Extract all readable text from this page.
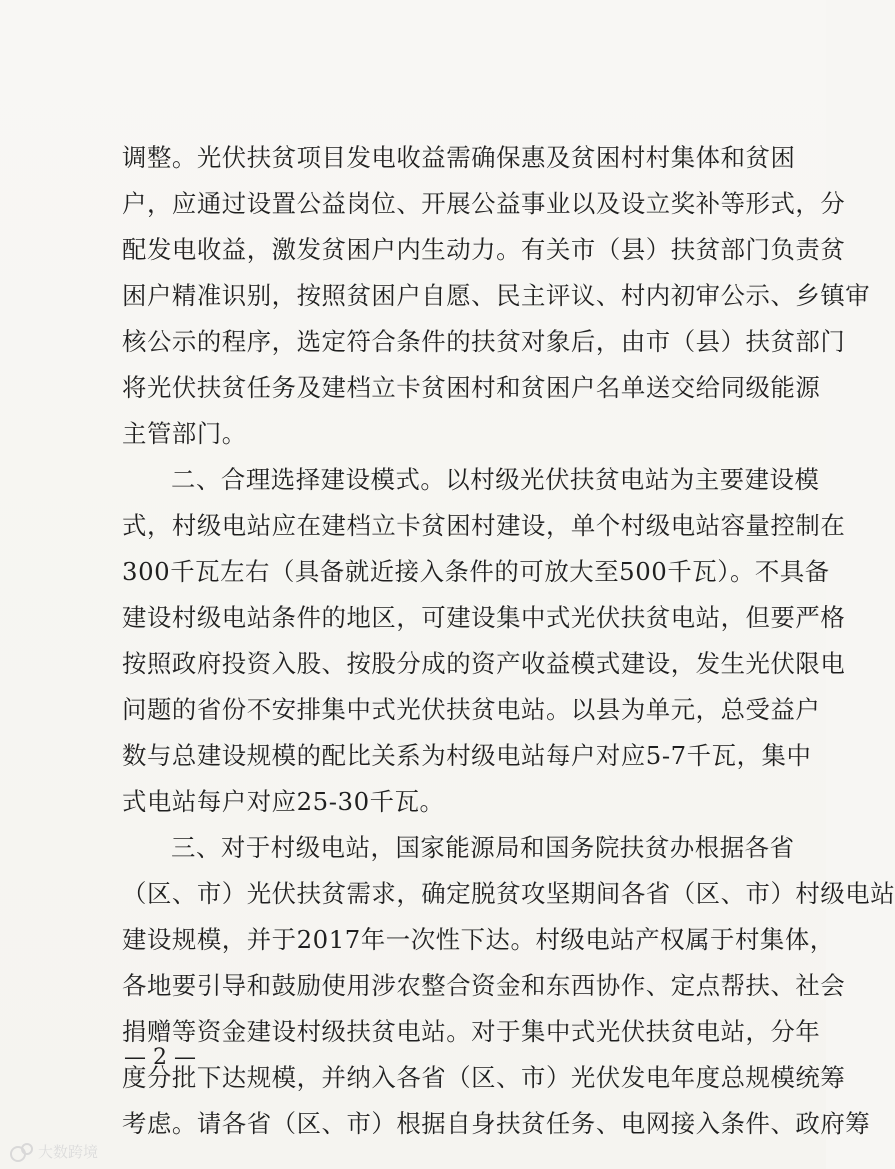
调整。光伏扶贫项目发电收益需确保惠及贫困村村集体和贫困
户，应通过设置公益岗位、开展公益事业以及设立奖补等形式，分
配发电收益，激发贫困户内生动力。有关市（县）扶贫部门负责贫
困户精准识别，按照贫困户自愿、民主评议、村内初审公示、乡镇审
核公示的程序，选定符合条件的扶贫对象后，由市（县）扶贫部门
将光伏扶贫任务及建档立卡贫困村和贫困户名单送交给同级能源
主管部门。
二、合理选择建设模式。以村级光伏扶贫电站为主要建设模
式，村级电站应在建档立卡贫困村建设，单个村级电站容量控制在
300千瓦左右（具备就近接入条件的可放大至500千瓦）。不具备
建设村级电站条件的地区，可建设集中式光伏扶贫电站，但要严格
按照政府投资入股、按股分成的资产收益模式建设，发生光伏限电
问题的省份不安排集中式光伏扶贫电站。以县为单元，总受益户
数与总建设规模的配比关系为村级电站每户对应5-7千瓦，集中
式电站每户对应25-30千瓦。
三、对于村级电站，国家能源局和国务院扶贫办根据各省
（区、市）光伏扶贫需求，确定脱贫攻坚期间各省（区、市）村级电站
建设规模，并于2017年一次性下达。村级电站产权属于村集体，
各地要引导和鼓励使用涉农整合资金和东西协作、定点帮扶、社会
捐赠等资金建设村级扶贫电站。对于集中式光伏扶贫电站，分年
度分批下达规模，并纳入各省（区、市）光伏发电年度总规模统筹
考虑。请各省（区、市）根据自身扶贫任务、电网接入条件、政府筹
— 2 —
大数跨境
